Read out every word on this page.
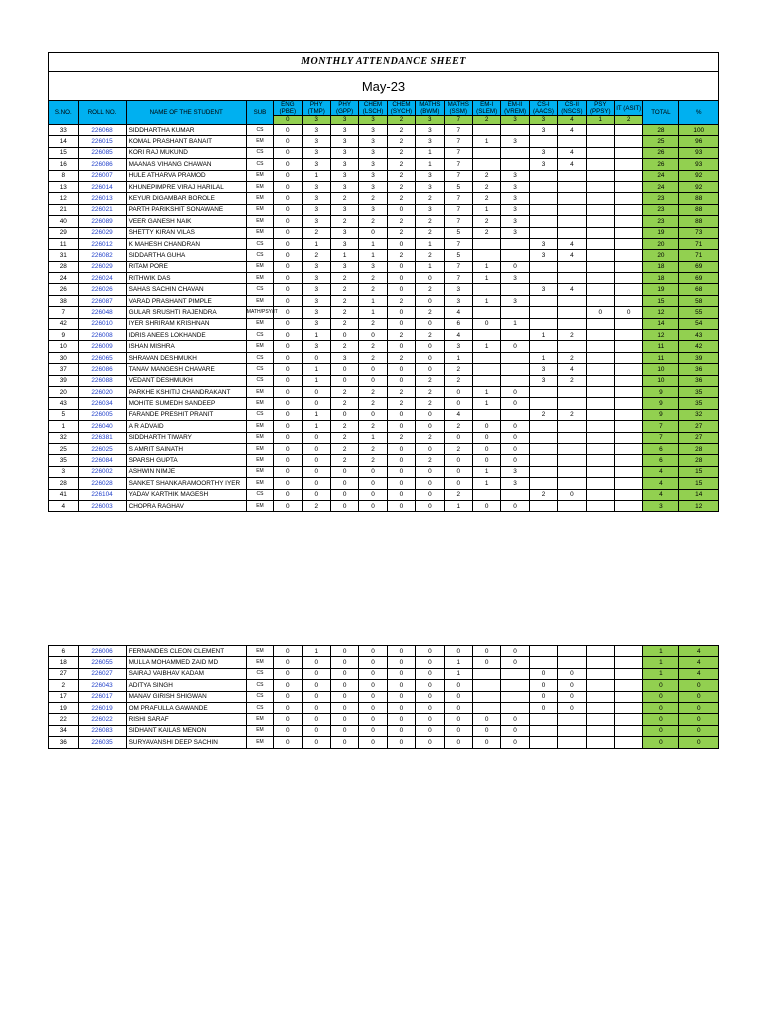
MONTHLY ATTENDANCE SHEET
May-23
S.NO.	ROLL NO.	NAME OF THE STUDENT	SUB	ENG (PBE)	PHY (TMP)	PHY (GPP)	CHEM (LSCH)	CHEM (SYCH)	MATHS (BWM)	MATHS (SSM)	EM-I (SLEM)	EM-II (VREM)	CS-I (AACS)	CS-II (NSCS)	PSY (PPSY)	IT (ASIT)	TOTAL	%
				0	3	3	3	2	3	7	2	3	3	4	1	2		
33	226068	SIDDHARTHA KUMAR	CS	0	3	3	3	2	3	7			3	4			28	100
14	226015	KOMAL PRASHANT BANAIT	EM	0	3	3	3	2	3	7	1	3					25	96
15	226085	KORI RAJ MUKUND	CS	0	3	3	3	2	1	7			3	4			26	93
16	226086	MAANAS VIHANG CHAWAN	CS	0	3	3	3	2	1	7			3	4			26	93
8	226007	HULE ATHARVA PRAMOD	EM	0	1	3	3	2	3	7	2	3					24	92
13	226014	KHUNEPIMPRE VIRAJ HARILAL	EM	0	3	3	3	2	3	5	2	3					24	92
12	226013	KEYUR DIGAMBAR BOROLE	EM	0	3	2	2	2	2	7	2	3					23	88
21	226021	PARTH PARIKSHIT SONAWANE	EM	0	3	3	3	0	3	7	1	3					23	88
40	226089	VEER GANESH NAIK	EM	0	3	2	2	2	2	7	2	3					23	88
29	226029	SHETTY KIRAN VILAS	EM	0	2	3	0	2	2	5	2	3					19	73
11	226012	K MAHESH CHANDRAN	CS	0	1	3	1	0	1	7			3	4			20	71
31	226082	SIDDARTHA GUHA	CS	0	2	1	1	2	2	5			3	4			20	71
28	226029	RITAM PORE	EM	0	3	3	3	0	1	7	1	0					18	69
24	226024	RITHWIK DAS	EM	0	3	2	2	0	0	7	1	3					18	69
26	226026	SAHAS SACHIN CHAVAN	CS	0	3	2	2	0	2	3			3	4			19	68
38	226087	VARAD PRASHANT PIMPLE	EM	0	3	2	1	2	0	3	1	3					15	58
7	226048	GULAR SRUSHTI RAJENDRA	MATH/PSY/IT	0	3	2	1	0	2	4					0	0	12	55
42	226010	IYER SHRIRAM KRISHNAN	EM	0	3	2	2	0	0	6	0	1					14	54
9	226008	IDRIS ANEES LOKHANDE	CS	0	1	0	0	2	2	4			1	2			12	43
10	226009	ISHAN MISHRA	EM	0	3	2	2	0	0	3	1	0					11	42
30	226065	SHRAVAN DESHMUKH	CS	0	0	3	2	2	0	1			1	2			11	39
37	226086	TANAV MANGESH CHAVARE	CS	0	1	0	0	0	0	2			3	4			10	36
39	226088	VEDANT DESHMUKH	CS	0	1	0	0	0	2	2			3	2			10	36
20	226020	PARKHE KSHITIJ CHANDRAKANT	EM	0	0	2	2	2	2	0	1	0					9	35
43	226034	MOHITE SUMEDH SANDEEP	EM	0	0	2	2	2	2	0	1	0					9	35
5	226005	FARANDE PRESHIT PRANIT	CS	0	1	0	0	0	0	4			2	2			9	32
1	226040	A R ADVAID	EM	0	1	2	2	0	0	2	0	0					7	27
32	226381	SIDDHARTH TIWARY	EM	0	0	2	1	2	2	0	0	0					7	27
25	226025	S AMRIT SAINATH	EM	0	0	2	2	0	0	2	0	0					6	28
35	226084	SPARSH GUPTA	EM	0	0	2	2	0	2	0	0	0					6	28
3	226002	ASHWIN NIMJE	EM	0	0	0	0	0	0	0	1	3					4	15
28	226028	SANKET SHANKARAMOORTHY IYER	EM	0	0	0	0	0	0	0	1	3					4	15
41	226104	YADAV KARTHIK MAGESH	CS	0	0	0	0	0	0	2			2	0			4	14
4	226003	CHOPRA RAGHAV	EM	0	2	0	0	0	0	1	0	0					3	12
6	226006	FERNANDES CLEON CLEMENT	EM	0	1	0	0	0	0	0	0	0					1	4
18	226055	MULLA MOHAMMED ZAID MD	EM	0	0	0	0	0	0	1	0	0					1	4
27	226027	SAIRAJ VAIBHAV KADAM	CS	0	0	0	0	0	0	1			0	0			1	4
2	226043	ADITYA SINGH	CS	0	0	0	0	0	0	0			0	0			0	0
17	226017	MANAV GIRISH SHIGWAN	CS	0	0	0	0	0	0	0			0	0			0	0
19	226019	OM PRAFULLA GAWANDE	CS	0	0	0	0	0	0	0			0	0			0	0
22	226022	RISHI SARAF	EM	0	0	0	0	0	0	0	0	0					0	0
34	226083	SIDHANT KAILAS MENON	EM	0	0	0	0	0	0	0	0	0					0	0
36	226035	SURYAVANSHI DEEP SACHIN	EM	0	0	0	0	0	0	0	0	0					0	0
